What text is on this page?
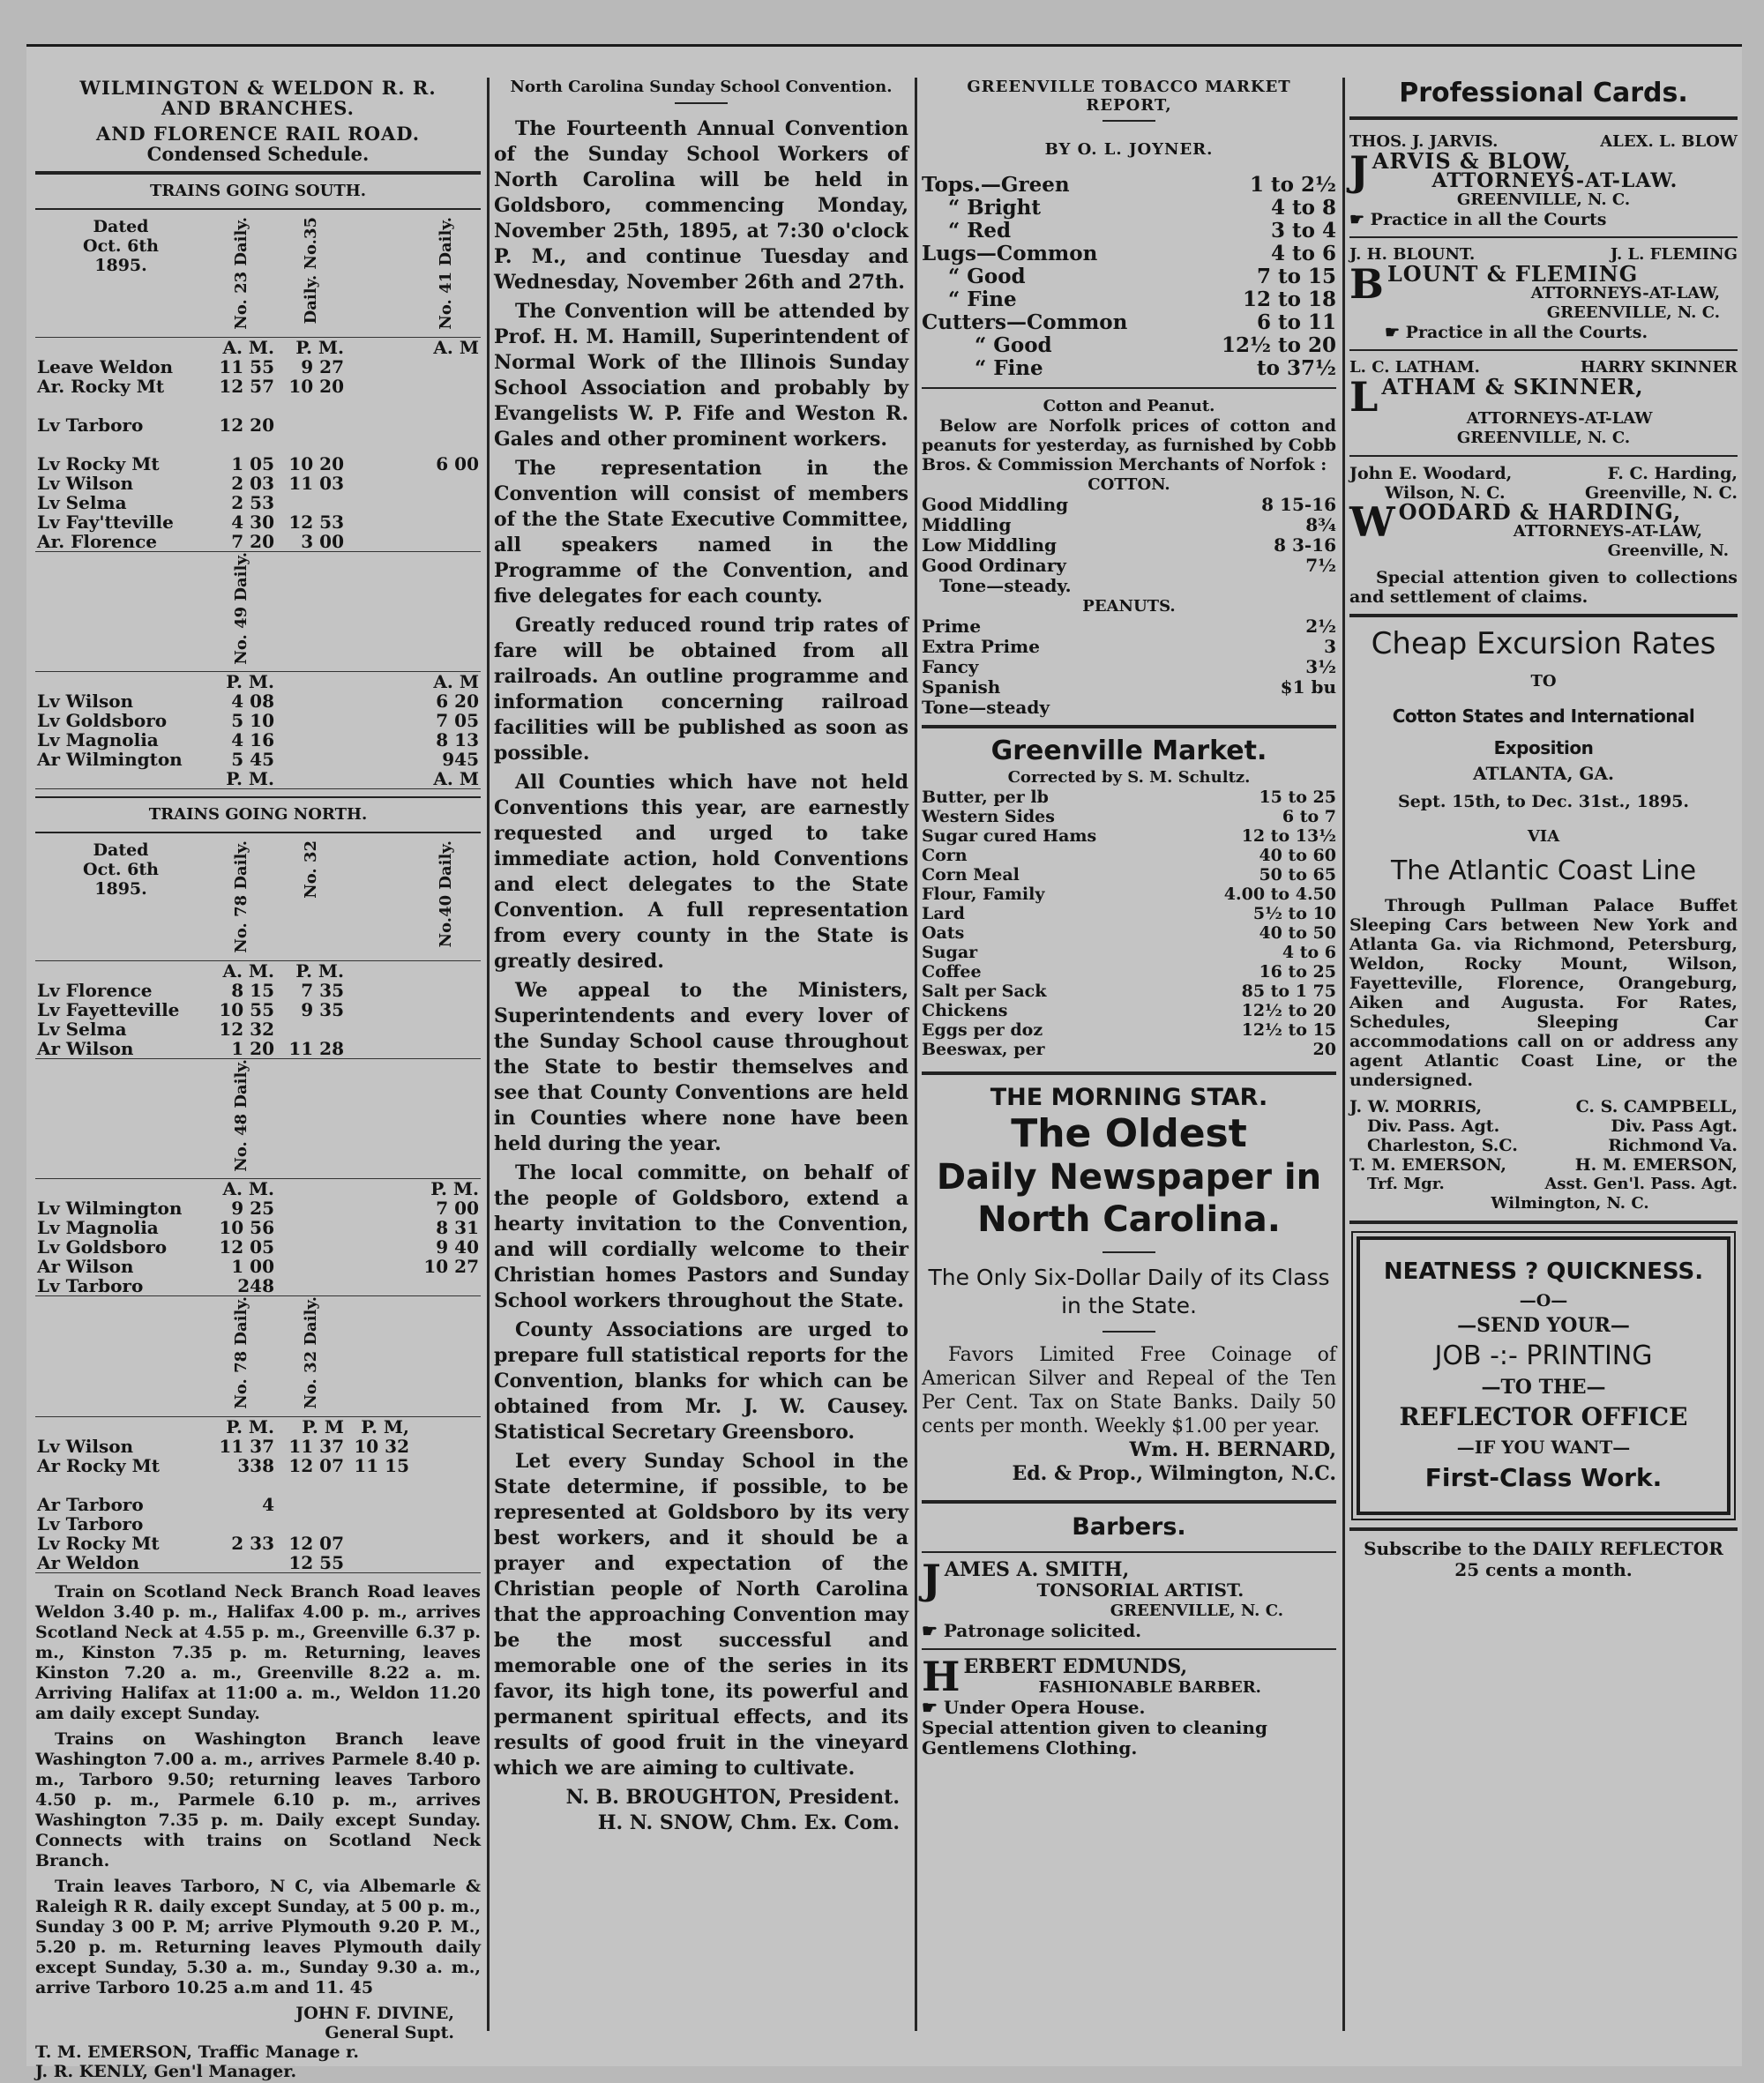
WILMINGTON & WELDON R. R.
AND BRANCHES.
AND FLORENCE RAIL ROAD.
Condensed Schedule.
TRAINS GOING SOUTH.
Dated
Oct. 6th
1895.	No. 23 Daily.	Daily. No.35		No. 41 Daily.
	A. M.	P. M.		A. M
Leave Weldon	11 55	9 27		
Ar. Rocky Mt	12 57	10 20		

Lv Tarboro	12 20			

Lv Rocky Mt	1 05	10 20		6 00
Lv Wilson	2 03	11 03		
Lv Selma	2 53			
Lv Fay'tteville	4 30	12 53		
Ar. Florence	7 20	3 00		
	No. 49 Daily.			
	P. M.			A. M
Lv Wilson	4 08			6 20
Lv Goldsboro	5 10			7 05
Lv Magnolia	4 16			8 13
Ar Wilmington	5 45			945
	P. M.			A. M
TRAINS GOING NORTH.
Dated
Oct. 6th
1895.	No. 78 Daily.	No. 32		No.40 Daily.
	A. M.	P. M.		
Lv Florence	8 15	7 35		
Lv Fayetteville	10 55	9 35		
Lv Selma	12 32			
Ar Wilson	1 20	11 28		
	No. 48 Daily.			
	A. M.			P. M.
Lv Wilmington	9 25			7 00
Lv Magnolia	10 56			8 31
Lv Goldsboro	12 05			9 40
Ar Wilson	1 00			10 27
Lv Tarboro	248			
	No. 78 Daily.	No. 32 Daily.		
	P. M.	P. M	P. M,	
Lv Wilson	11 37	11 37	10 32	
Ar Rocky Mt	338	12 07	11 15	

Ar Tarboro	4			
Lv Tarboro				
Lv Rocky Mt	2 33	12 07		
Ar Weldon		12 55		

Train on Scotland Neck Branch Road leaves Weldon 3.40 p. m., Halifax 4.00 p. m., arrives Scotland Neck at 4.55 p. m., Greenville 6.37 p. m., Kinston 7.35 p. m. Returning, leaves Kinston 7.20 a. m., Greenville 8.22 a. m. Arriving Halifax at 11:00 a. m., Weldon 11.20 am daily except Sunday.

Trains on Washington Branch leave Washington 7.00 a. m., arrives Parmele 8.40 p. m., Tarboro 9.50; returning leaves Tarboro 4.50 p. m., Parmele 6.10 p. m., arrives Washington 7.35 p. m. Daily except Sunday. Connects with trains on Scotland Neck Branch.

Train leaves Tarboro, N C, via Albemarle & Raleigh R R. daily except Sunday, at 5 00 p. m., Sunday 3 00 P. M; arrive Plymouth 9.20 P. M., 5.20 p. m. Returning leaves Plymouth daily except Sunday, 5.30 a. m., Sunday 9.30 a. m., arrive Tarboro 10.25 a.m and 11. 45

JOHN F. DIVINE,
General Supt.
T. M. EMERSON, Traffic Manage r.
J. R. KENLY, Gen'l Manager.
North Carolina Sunday School Convention.

The Fourteenth Annual Convention of the Sunday School Workers of North Carolina will be held in Goldsboro, commencing Monday, November 25th, 1895, at 7:30 o'clock P. M., and continue Tuesday and Wednesday, November 26th and 27th.

The Convention will be attended by Prof. H. M. Hamill, Superintendent of Normal Work of the Illinois Sunday School Association and probably by Evangelists W. P. Fife and Weston R. Gales and other prominent workers.

The representation in the Convention will consist of members of the the State Executive Committee, all speakers named in the Programme of the Convention, and five delegates for each county.

Greatly reduced round trip rates of fare will be obtained from all railroads. An outline programme and information concerning railroad facilities will be published as soon as possible.

All Counties which have not held Conventions this year, are earnestly requested and urged to take immediate action, hold Conventions and elect delegates to the State Convention. A full representation from every county in the State is greatly desired.

We appeal to the Ministers, Superintendents and every lover of the Sunday School cause throughout the State to bestir themselves and see that County Conventions are held in Counties where none have been held during the year.

The local committe, on behalf of the people of Goldsboro, extend a hearty invitation to the Convention, and will cordially welcome to their Christian homes Pastors and Sunday School workers throughout the State.

County Associations are urged to prepare full statistical reports for the Convention, blanks for which can be obtained from Mr. J. W. Causey. Statistical Secretary Greensboro.

Let every Sunday School in the State determine, if possible, to be represented at Goldsboro by its very best workers, and it should be a prayer and expectation of the Christian people of North Carolina that the approaching Convention may be the most successful and memorable one of the series in its favor, its high tone, its powerful and permanent spiritual effects, and its results of good fruit in the vineyard which we are aiming to cultivate.

N. B. BROUGHTON, President.
H. N. SNOW, Chm. Ex. Com.
GREENVILLE TOBACCO MARKET REPORT,
BY O. L. JOYNER.
Tops.—Green	1 to 2½
“ Bright	4 to 8
“ Red	3 to 4
Lugs—Common	4 to 6
“ Good	7 to 15
“ Fine	12 to 18
Cutters—Common	6 to 11
“ Good	12½ to 20
“ Fine	to 37½
Cotton and Peanut.
Below are Norfolk prices of cotton and peanuts for yesterday, as furnished by Cobb Bros. & Commission Merchants of Norfok :
COTTON.
Good Middling	8 15-16
Middling	8¾
Low Middling	8 3-16
Good Ordinary	7½
Tone—steady.	
PEANUTS.
Prime	2½
Extra Prime	3
Fancy	3½
Spanish	$1 bu
Tone—steady	
Greenville Market.
Corrected by S. M. Schultz.
Butter, per lb	15 to 25
Western Sides	6 to 7
Sugar cured Hams	12 to 13½
Corn	40 to 60
Corn Meal	50 to 65
Flour, Family	4.00 to 4.50
Lard	5½ to 10
Oats	40 to 50
Sugar	4 to 6
Coffee	16 to 25
Salt per Sack	85 to 1 75
Chickens	12½ to 20
Eggs per doz	12½ to 15
Beeswax, per	20
THE MORNING STAR.
The Oldest
Daily Newspaper in
North Carolina.
The Only Six-Dollar Daily of its Class in the State.
Favors Limited Free Coinage of American Silver and Repeal of the Ten Per Cent. Tax on State Banks. Daily 50 cents per month. Weekly $1.00 per year.
Wm. H. BERNARD,
Ed. & Prop., Wilmington, N.C.
Barbers.
J AMES A. SMITH,
TONSORIAL ARTIST.
GREENVILLE, N. C.
☛ Patronage solicited.
H ERBERT EDMUNDS,
FASHIONABLE BARBER.
☛ Under Opera House.
Special attention given to cleaning Gentlemens Clothing.
Professional Cards.
THOS. J. JARVIS.	ALEX. L. BLOW
J ARVIS & BLOW,
ATTORNEYS-AT-LAW.
GREENVILLE, N. C.
☛ Practice in all the Courts
J. H. BLOUNT.	J. L. FLEMING
B LOUNT & FLEMING
ATTORNEYS-AT-LAW,
GREENVILLE, N. C.
☛ Practice in all the Courts.
L. C. LATHAM.	HARRY SKINNER
L ATHAM & SKINNER,
ATTORNEYS-AT-LAW
GREENVILLE, N. C.
John E. Woodard,	F. C. Harding,
Wilson, N. C.	Greenville, N. C.
W OODARD & HARDING,
ATTORNEYS-AT-LAW,
Greenville, N.
Special attention given to collections and settlement of claims.
Cheap Excursion Rates
TO
Cotton States and International Exposition
ATLANTA, GA.
Sept. 15th, to Dec. 31st., 1895.
VIA
The Atlantic Coast Line
Through Pullman Palace Buffet Sleeping Cars between New York and Atlanta Ga. via Richmond, Petersburg, Weldon, Rocky Mount, Wilson, Fayetteville, Florence, Orangeburg, Aiken and Augusta. For Rates, Schedules, Sleeping Car accommodations call on or address any agent Atlantic Coast Line, or the undersigned.
J. W. MORRIS,	C. S. CAMPBELL,
Div. Pass. Agt.	Div. Pass Agt.
Charleston, S.C.	Richmond Va.
T. M. EMERSON,	H. M. EMERSON,
Trf. Mgr.	Asst. Gen'l. Pass. Agt.
Wilmington, N. C.
NEATNESS ? QUICKNESS.
—O—
—SEND YOUR—
JOB -:- PRINTING
—TO THE—
REFLECTOR OFFICE
—IF YOU WANT—
First-Class Work.
Subscribe to the DAILY REFLECTOR 25 cents a month.
